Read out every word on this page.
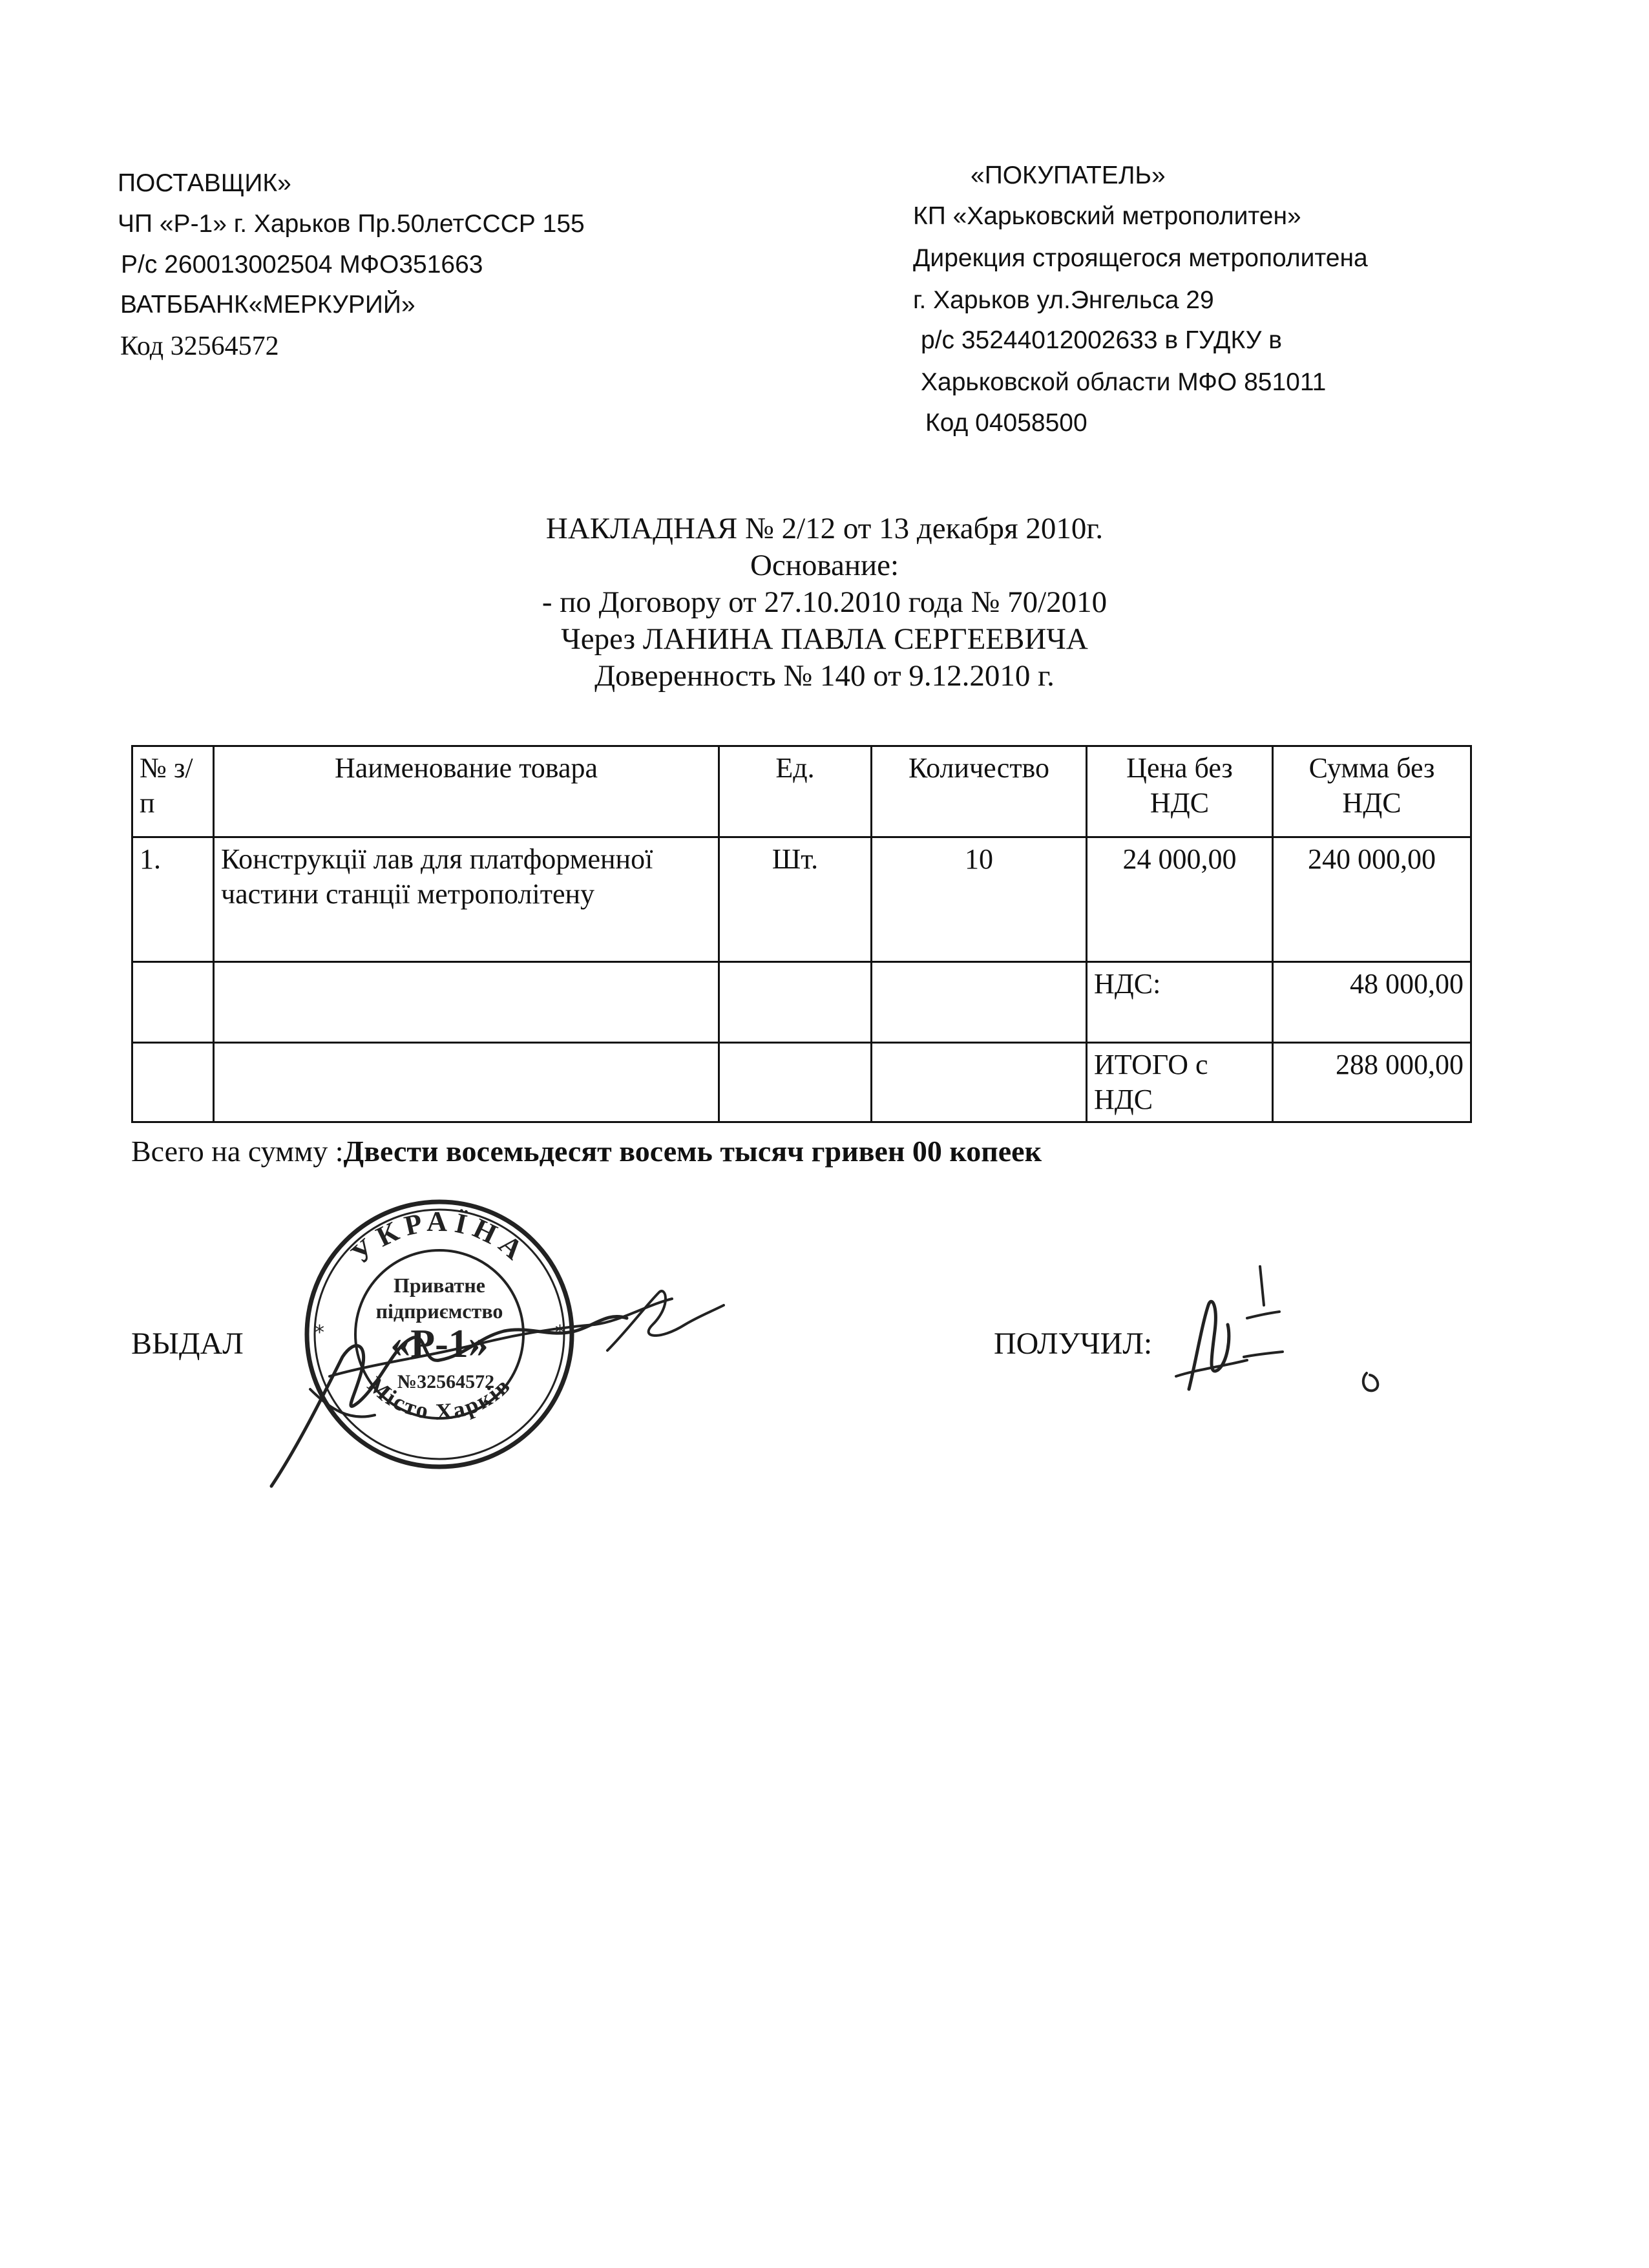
ПОСТАВЩИК»
ЧП «Р-1» г. Харьков Пр.50летСССР 155
Р/с 260013002504 МФО351663
ВАТББАНК«МЕРКУРИЙ»
Код 32564572
«ПОКУПАТЕЛЬ»
КП «Харьковский метрополитен»
Дирекция строящегося метрополитена
г. Харьков ул.Энгельса 29
р/с 35244012002633 в ГУДКУ в
Харьковской области МФО 851011
Код 04058500
НАКЛАДНАЯ № 2/12 от 13 декабря 2010г.
Основание:
- по Договору от 27.10.2010 года № 70/2010
Через ЛАНИНА ПАВЛА СЕРГЕЕВИЧА
Доверенность № 140 от 9.12.2010 г.
№ з/п	Наименование товара	Ед.	Количество	Цена без НДС	Сумма без НДС
1.	Конструкції лав для платформенної частини станції метрополітену	Шт.	10	24 000,00	240 000,00
				НДС:	48 000,00
				ИТОГО с НДС	288 000,00
Всего на сумму :Двести восемьдесят восемь тысяч гривен 00 копеек
ВЫДАЛ	ПОЛУЧИЛ:
УКРАЇНА
Місто Харків
*	*
Приватне
підприємство
«Р-1»
№32564572
